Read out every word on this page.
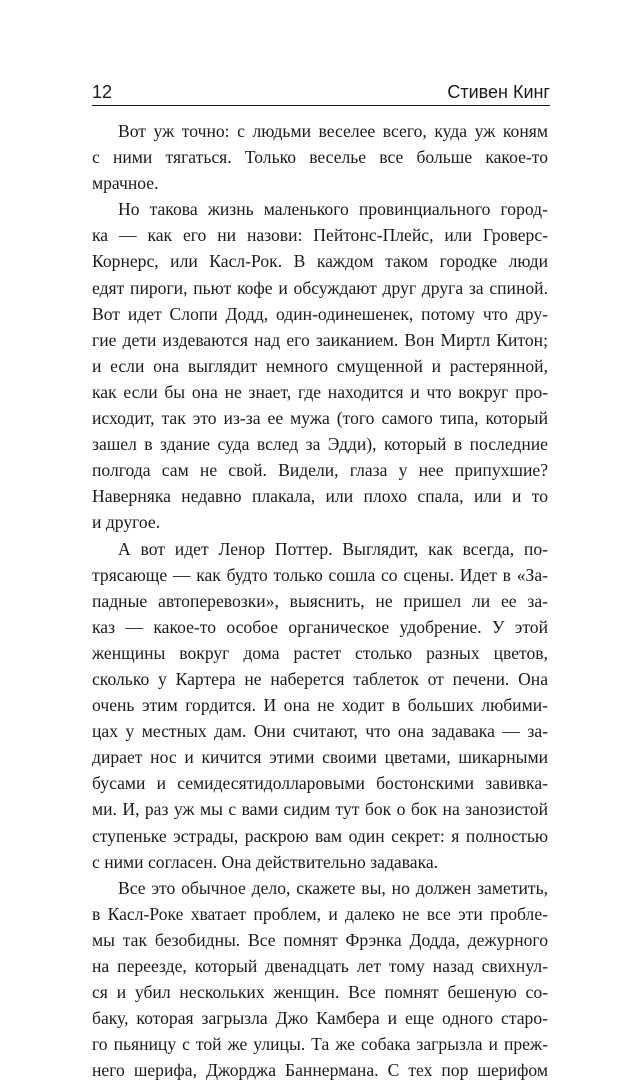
12	Стивен Кинг
Вот уж точно: с людьми веселее всего, куда уж коням
с ними тягаться. Только веселье все больше какое-то
мрачное.
Но такова жизнь маленького провинциального город-
ка — как его ни назови: Пейтонс-Плейс, или Гроверс-
Корнерс, или Касл-Рок. В каждом таком городке люди
едят пироги, пьют кофе и обсуждают друг друга за спиной.
Вот идет Слопи Додд, один-одинешенек, потому что дру-
гие дети издеваются над его заиканием. Вон Миртл Китон;
и если она выглядит немного смущенной и растерянной,
как если бы она не знает, где находится и что вокруг про-
исходит, так это из-за ее мужа (того самого типа, который
зашел в здание суда вслед за Эдди), который в последние
полгода сам не свой. Видели, глаза у нее припухшие?
Наверняка недавно плакала, или плохо спала, или и то
и другое.
А вот идет Ленор Поттер. Выглядит, как всегда, по-
трясающе — как будто только сошла со сцены. Идет в «За-
падные автоперевозки», выяснить, не пришел ли ее за-
каз — какое-то особое органическое удобрение. У этой
женщины вокруг дома растет столько разных цветов,
сколько у Картера не наберется таблеток от печени. Она
очень этим гордится. И она не ходит в больших любими-
цах у местных дам. Они считают, что она задавака — за-
дирает нос и кичится этими своими цветами, шикарными
бусами и семидесятидолларовыми бостонскими завивка-
ми. И, раз уж мы с вами сидим тут бок о бок на занозистой
ступеньке эстрады, раскрою вам один секрет: я полностью
с ними согласен. Она действительно задавака.
Все это обычное дело, скажете вы, но должен заметить,
в Касл-Роке хватает проблем, и далеко не все эти пробле-
мы так безобидны. Все помнят Фрэнка Додда, дежурного
на переезде, который двенадцать лет тому назад свихнул-
ся и убил нескольких женщин. Все помнят бешеную со-
баку, которая загрызла Джо Камбера и еще одного старо-
го пьяницу с той же улицы. Та же собака загрызла и преж-
него шерифа, Джорджа Баннермана. С тех пор шерифом
